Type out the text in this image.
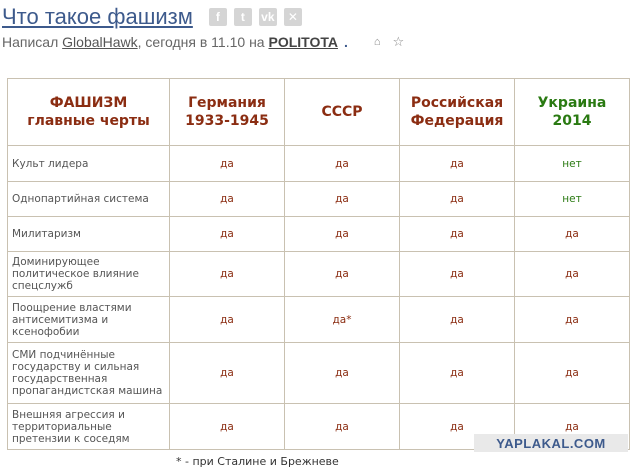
Что такое фашизм	f	t	vk	✕
Написал
GlobalHawk , сегодня в 11.10 на
POLITOTA . ⌂ ☆
ФАШИЗМ главные черты	Германия 1933-1945	СССР	Российская Федерация	Украина 2014
Культ лидера	да	да	да	нет
Однопартийная система	да	да	да	нет
Милитаризм	да	да	да	да
Доминирующее политическое влияние спецслужб	да	да	да	да
Поощрение властями антисемитизма и ксенофобии	да	да*	да	да
СМИ подчинённые государству и сильная государственная пропагандистская машина	да	да	да	да
Внешняя агрессия и территориальные претензии к соседям	да	да	да	да
* - при Сталине и Брежневе
YAPLAKAL.COM
